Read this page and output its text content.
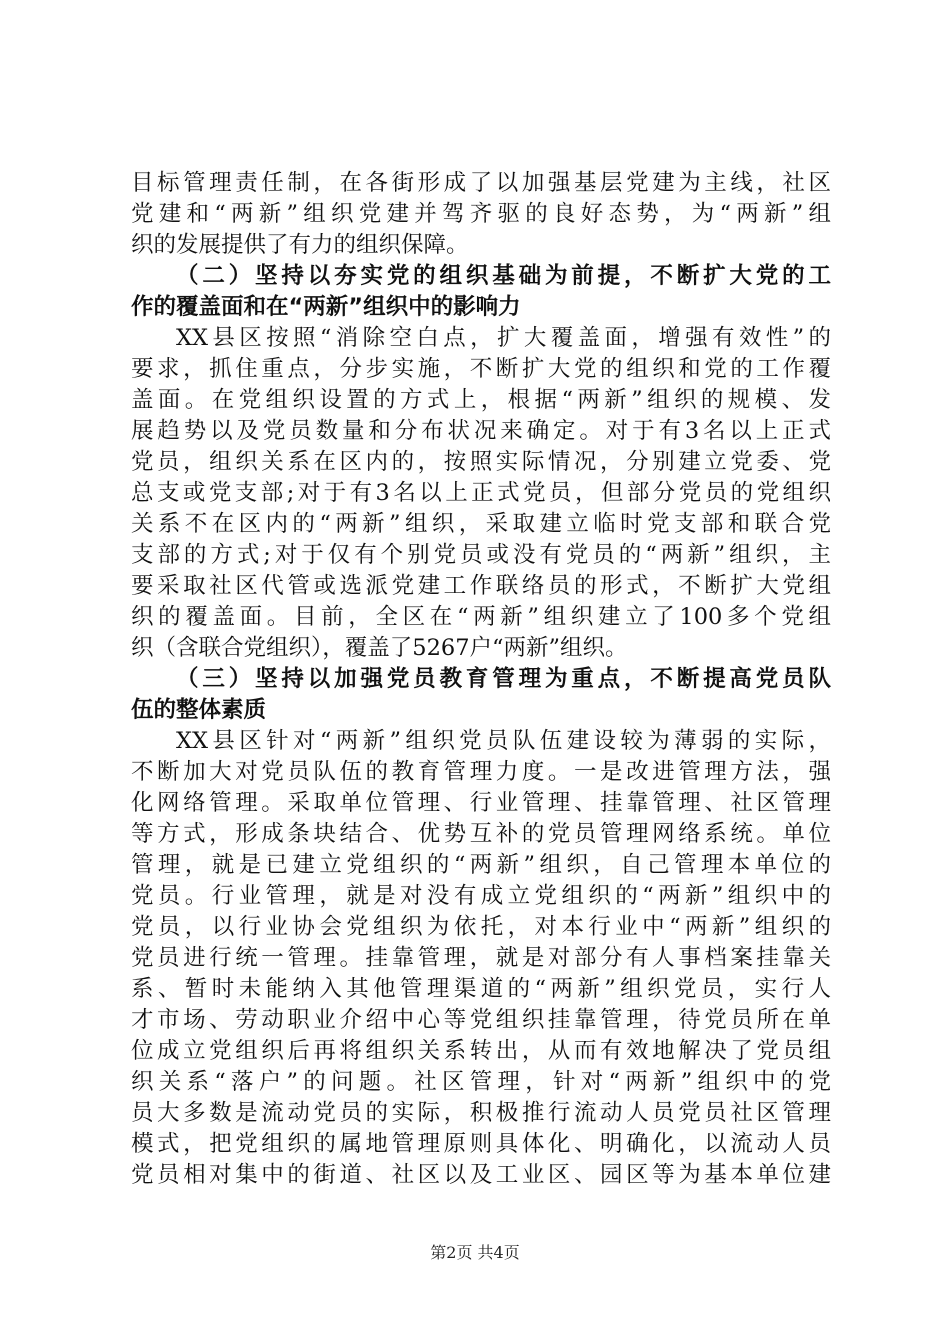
目标管理责任制，在各街形成了以加强基层党建为主线，社区
党建和“两新”组织党建并驾齐驱的良好态势，为“两新”组
织的发展提供了有力的组织保障。
（二）坚持以夯实党的组织基础为前提，不断扩大党的工
作的覆盖面和在“两新”组织中的影响力
XX县区按照“消除空白点，扩大覆盖面，增强有效性”的
要求，抓住重点，分步实施，不断扩大党的组织和党的工作覆
盖面。在党组织设置的方式上，根据“两新”组织的规模、发
展趋势以及党员数量和分布状况来确定。对于有3名以上正式
党员，组织关系在区内的，按照实际情况，分别建立党委、党
总支或党支部;对于有3名以上正式党员，但部分党员的党组织
关系不在区内的“两新”组织，采取建立临时党支部和联合党
支部的方式;对于仅有个别党员或没有党员的“两新”组织，主
要采取社区代管或选派党建工作联络员的形式，不断扩大党组
织的覆盖面。目前，全区在“两新”组织建立了100多个党组
织（含联合党组织），覆盖了5267户“两新”组织。
（三）坚持以加强党员教育管理为重点，不断提高党员队
伍的整体素质
XX县区针对“两新”组织党员队伍建设较为薄弱的实际，
不断加大对党员队伍的教育管理力度。一是改进管理方法，强
化网络管理。采取单位管理、行业管理、挂靠管理、社区管理
等方式，形成条块结合、优势互补的党员管理网络系统。单位
管理，就是已建立党组织的“两新”组织，自己管理本单位的
党员。行业管理，就是对没有成立党组织的“两新”组织中的
党员，以行业协会党组织为依托，对本行业中“两新”组织的
党员进行统一管理。挂靠管理，就是对部分有人事档案挂靠关
系、暂时未能纳入其他管理渠道的“两新”组织党员，实行人
才市场、劳动职业介绍中心等党组织挂靠管理，待党员所在单
位成立党组织后再将组织关系转出，从而有效地解决了党员组
织关系“落户”的问题。社区管理，针对“两新”组织中的党
员大多数是流动党员的实际，积极推行流动人员党员社区管理
模式，把党组织的属地管理原则具体化、明确化，以流动人员
党员相对集中的街道、社区以及工业区、园区等为基本单位建
第2页 共4页
